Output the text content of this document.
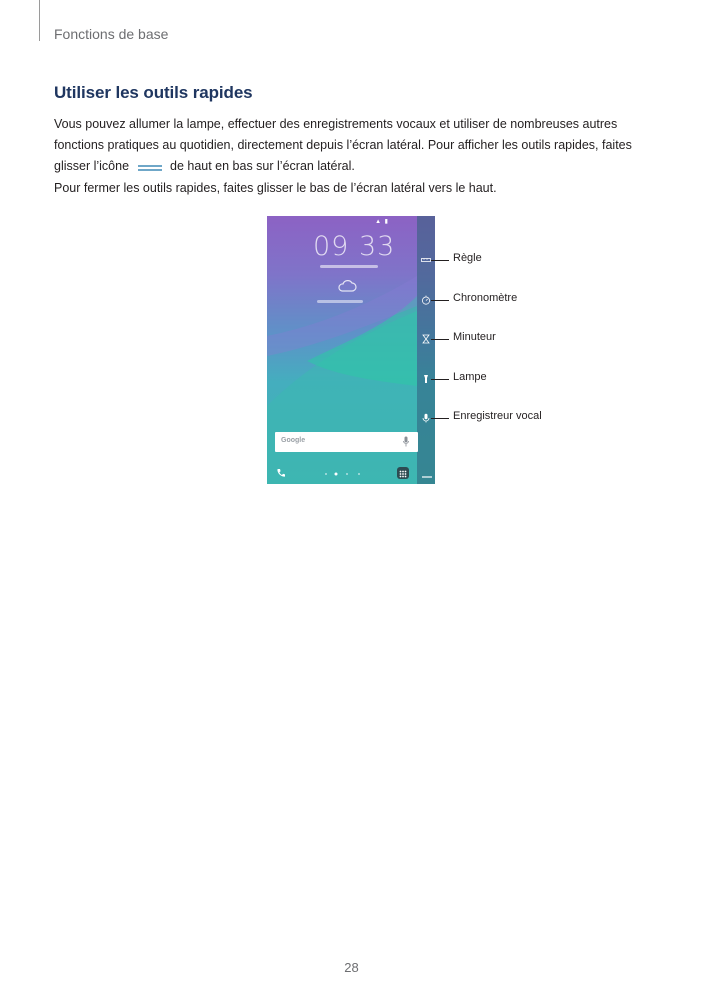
Fonctions de base
Utiliser les outils rapides
Vous pouvez allumer la lampe, effectuer des enregistrements vocaux et utiliser de nombreuses autres fonctions pratiques au quotidien, directement depuis l’écran latéral. Pour afficher les outils rapides, faites glisser l’icône	de haut en bas sur l’écran latéral.
Pour fermer les outils rapides, faites glisser le bas de l’écran latéral vers le haut.
▲ ▮
09 33
Google
Règle
Chronomètre
Minuteur
Lampe
Enregistreur vocal
28
